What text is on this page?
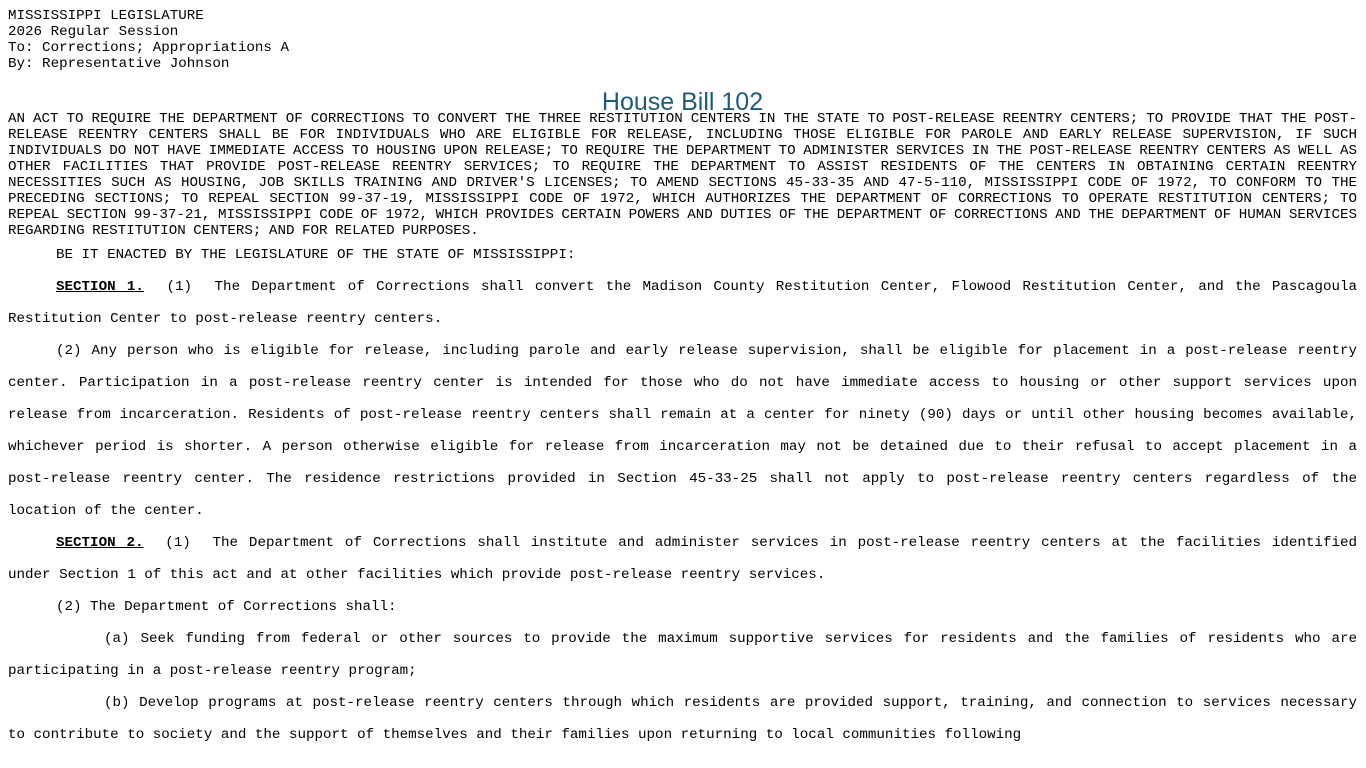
MISSISSIPPI LEGISLATURE
2026 Regular Session
To: Corrections; Appropriations A
By: Representative Johnson
House Bill 102
AN ACT TO REQUIRE THE DEPARTMENT OF CORRECTIONS TO CONVERT THE THREE RESTITUTION CENTERS IN THE STATE TO POST-RELEASE REENTRY CENTERS; TO PROVIDE THAT THE POST-RELEASE REENTRY CENTERS SHALL BE FOR INDIVIDUALS WHO ARE ELIGIBLE FOR RELEASE, INCLUDING THOSE ELIGIBLE FOR PAROLE AND EARLY RELEASE SUPERVISION, IF SUCH INDIVIDUALS DO NOT HAVE IMMEDIATE ACCESS TO HOUSING UPON RELEASE; TO REQUIRE THE DEPARTMENT TO ADMINISTER SERVICES IN THE POST-RELEASE REENTRY CENTERS AS WELL AS OTHER FACILITIES THAT PROVIDE POST-RELEASE REENTRY SERVICES; TO REQUIRE THE DEPARTMENT TO ASSIST RESIDENTS OF THE CENTERS IN OBTAINING CERTAIN REENTRY NECESSITIES SUCH AS HOUSING, JOB SKILLS TRAINING AND DRIVER'S LICENSES; TO AMEND SECTIONS 45-33-35 AND 47-5-110, MISSISSIPPI CODE OF 1972, TO CONFORM TO THE PRECEDING SECTIONS; TO REPEAL SECTION 99-37-19, MISSISSIPPI CODE OF 1972, WHICH AUTHORIZES THE DEPARTMENT OF CORRECTIONS TO OPERATE RESTITUTION CENTERS; TO REPEAL SECTION 99-37-21, MISSISSIPPI CODE OF 1972, WHICH PROVIDES CERTAIN POWERS AND DUTIES OF THE DEPARTMENT OF CORRECTIONS AND THE DEPARTMENT OF HUMAN SERVICES REGARDING RESTITUTION CENTERS; AND FOR RELATED PURPOSES.
BE IT ENACTED BY THE LEGISLATURE OF THE STATE OF MISSISSIPPI:
SECTION 1.  (1)  The Department of Corrections shall convert the Madison County Restitution Center, Flowood Restitution Center, and the Pascagoula Restitution Center to post-release reentry centers.
(2) Any person who is eligible for release, including parole and early release supervision, shall be eligible for placement in a post-release reentry center. Participation in a post-release reentry center is intended for those who do not have immediate access to housing or other support services upon release from incarceration. Residents of post-release reentry centers shall remain at a center for ninety (90) days or until other housing becomes available, whichever period is shorter. A person otherwise eligible for release from incarceration may not be detained due to their refusal to accept placement in a post-release reentry center. The residence restrictions provided in Section 45-33-25 shall not apply to post-release reentry centers regardless of the location of the center.
SECTION 2.  (1)  The Department of Corrections shall institute and administer services in post-release reentry centers at the facilities identified under Section 1 of this act and at other facilities which provide post-release reentry services.
(2) The Department of Corrections shall:
(a) Seek funding from federal or other sources to provide the maximum supportive services for residents and the families of residents who are participating in a post-release reentry program;
(b) Develop programs at post-release reentry centers through which residents are provided support, training, and connection to services necessary to contribute to society and the support of themselves and their families upon returning to local communities following
